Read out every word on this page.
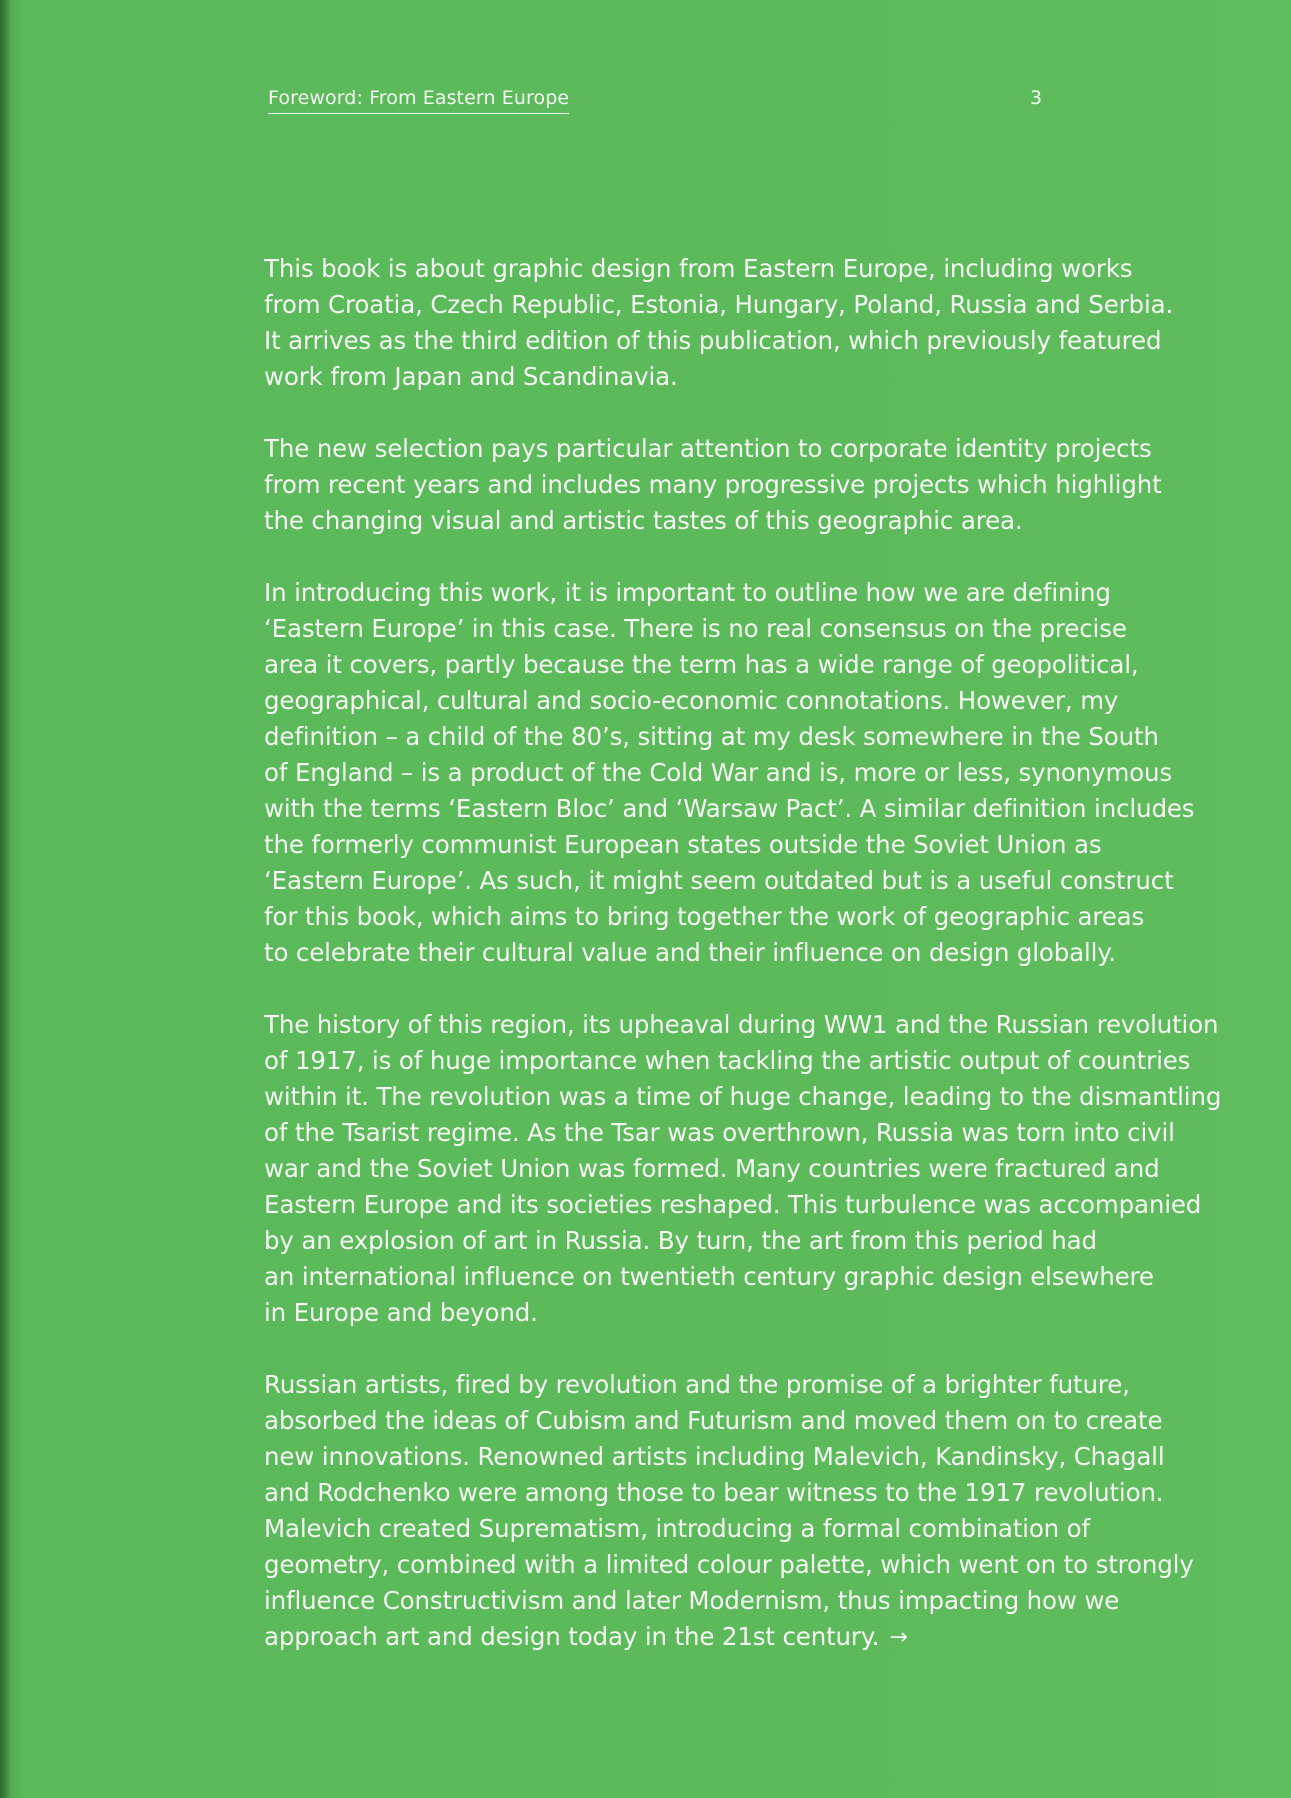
Foreword: From Eastern Europe	3

This book is about graphic design from Eastern Europe, including works
from Croatia, Czech Republic, Estonia, Hungary, Poland, Russia and Serbia.
It arrives as the third edition of this publication, which previously featured
work from Japan and Scandinavia.

The new selection pays particular attention to corporate identity projects
from recent years and includes many progressive projects which highlight
the changing visual and artistic tastes of this geographic area.

In introducing this work, it is important to outline how we are defining
‘Eastern Europe’ in this case. There is no real consensus on the precise
area it covers, partly because the term has a wide range of geopolitical,
geographical, cultural and socio-economic connotations. However, my
definition – a child of the 80’s, sitting at my desk somewhere in the South
of England – is a product of the Cold War and is, more or less, synonymous
with the terms ‘Eastern Bloc’ and ‘Warsaw Pact’. A similar definition includes
the formerly communist European states outside the Soviet Union as
‘Eastern Europe’. As such, it might seem outdated but is a useful construct
for this book, which aims to bring together the work of geographic areas
to celebrate their cultural value and their influence on design globally.

The history of this region, its upheaval during WW1 and the Russian revolution
of 1917, is of huge importance when tackling the artistic output of countries
within it. The revolution was a time of huge change, leading to the dismantling
of the Tsarist regime. As the Tsar was overthrown, Russia was torn into civil
war and the Soviet Union was formed. Many countries were fractured and
Eastern Europe and its societies reshaped. This turbulence was accompanied
by an explosion of art in Russia. By turn, the art from this period had
an international influence on twentieth century graphic design elsewhere
in Europe and beyond.

Russian artists, fired by revolution and the promise of a brighter future,
absorbed the ideas of Cubism and Futurism and moved them on to create
new innovations. Renowned artists including Malevich, Kandinsky, Chagall
and Rodchenko were among those to bear witness to the 1917 revolution.
Malevich created Suprematism, introducing a formal combination of
geometry, combined with a limited colour palette, which went on to strongly
influence Constructivism and later Modernism, thus impacting how we
approach art and design today in the 21st century. →
